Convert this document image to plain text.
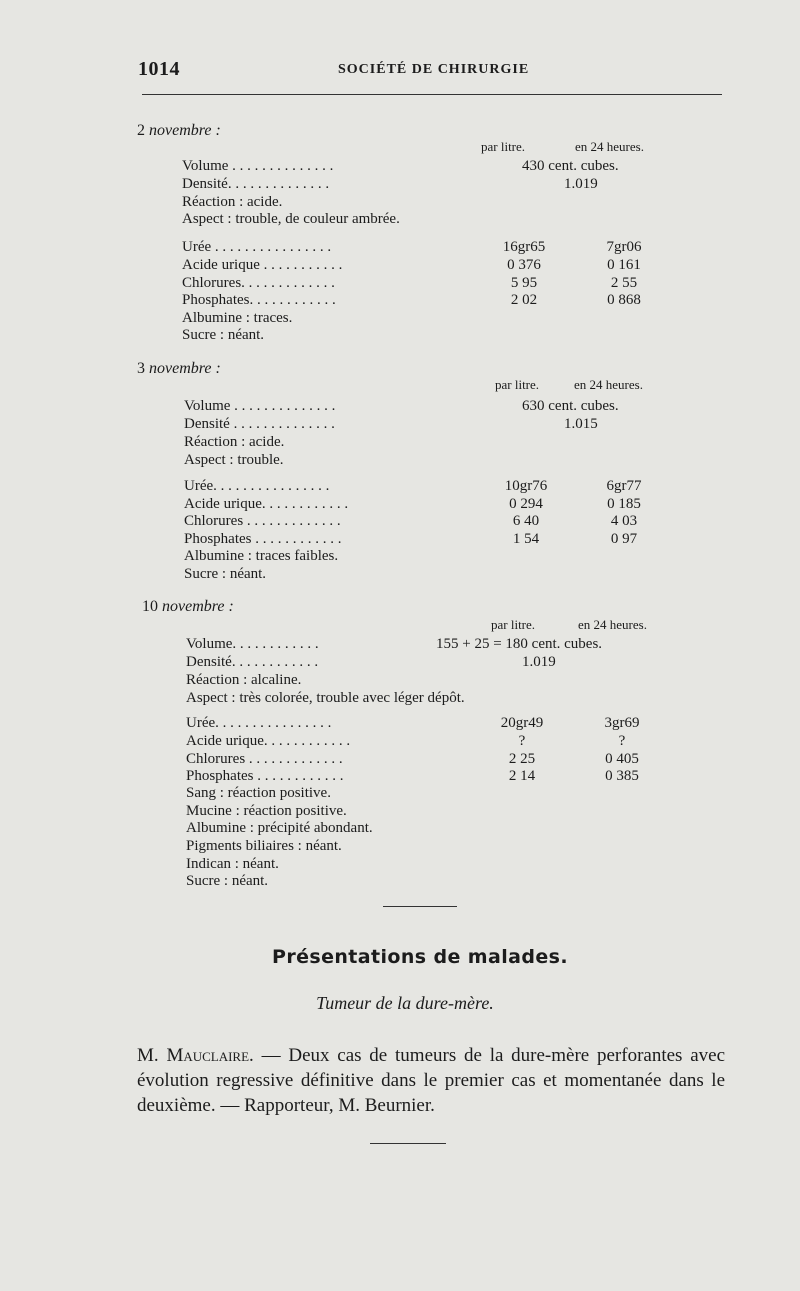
1014	SOCIÉTÉ DE CHIRURGIE
2 novembre :
par litre.	en 24 heures.
Volume . . . . . . . . . . . . . .	430 cent. cubes.
Densité. . . . . . . . . . . . . .	1.019
Réaction : acide.
Aspect : trouble, de couleur ambrée.
Urée . . . . . . . . . . . . . . . .	16gr65	7gr06
Acide urique . . . . . . . . . . .	0 376	0 161
Chlorures. . . . . . . . . . . . .	5 95	2 55
Phosphates. . . . . . . . . . . .	2 02	0 868
Albumine : traces.
Sucre : néant.
3 novembre :
par litre.	en 24 heures.
Volume . . . . . . . . . . . . . .	630 cent. cubes.
Densité . . . . . . . . . . . . . .	1.015
Réaction : acide.
Aspect : trouble.
Urée. . . . . . . . . . . . . . . .	10gr76	6gr77
Acide urique. . . . . . . . . . . .	0 294	0 185
Chlorures . . . . . . . . . . . . .	6 40	4 03
Phosphates . . . . . . . . . . . .	1 54	0 97
Albumine : traces faibles.
Sucre : néant.
10 novembre :
par litre.	en 24 heures.
Volume. . . . . . . . . . . .	155 + 25 = 180 cent. cubes.
Densité. . . . . . . . . . . .	1.019
Réaction : alcaline.
Aspect : très colorée, trouble avec léger dépôt.
Urée. . . . . . . . . . . . . . . .	20gr49	3gr69
Acide urique. . . . . . . . . . . .	?	?
Chlorures . . . . . . . . . . . . .	2 25	0 405
Phosphates . . . . . . . . . . . .	2 14	0 385
Sang : réaction positive.
Mucine : réaction positive.
Albumine : précipité abondant.
Pigments biliaires : néant.
Indican : néant.
Sucre : néant.
Présentations de malades.
Tumeur de la dure-mère.
M. Mauclaire. — Deux cas de tumeurs de la dure-mère perforantes avec évolution regressive définitive dans le premier cas et momentanée dans le deuxième. — Rapporteur, M. Beurnier.
